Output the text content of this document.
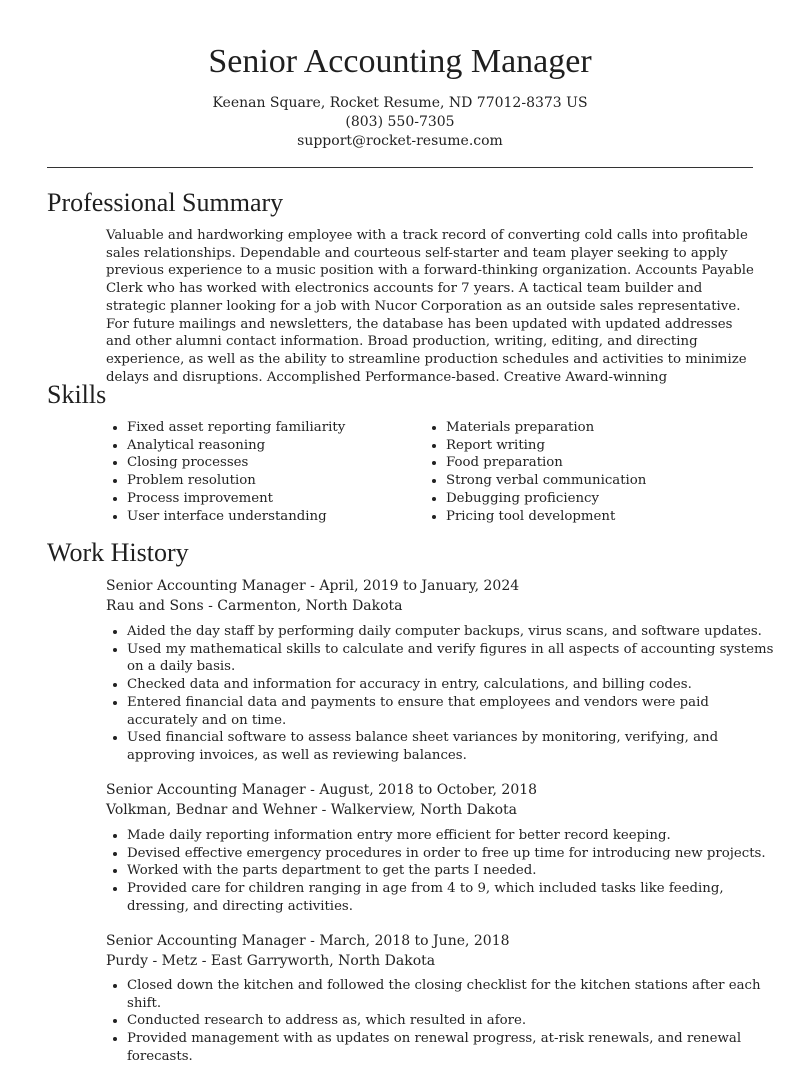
Senior Accounting Manager
Keenan Square, Rocket Resume, ND 77012-8373 US
(803) 550-7305
support@rocket-resume.com
Professional Summary
Valuable and hardworking employee with a track record of converting cold calls into profitable sales relationships. Dependable and courteous self-starter and team player seeking to apply previous experience to a music position with a forward-thinking organization. Accounts Payable Clerk who has worked with electronics accounts for 7 years. A tactical team builder and strategic planner looking for a job with Nucor Corporation as an outside sales representative. For future mailings and newsletters, the database has been updated with updated addresses and other alumni contact information. Broad production, writing, editing, and directing experience, as well as the ability to streamline production schedules and activities to minimize delays and disruptions. Accomplished Performance-based. Creative Award-winning
Skills
• Fixed asset reporting familiarity
• Analytical reasoning
• Closing processes
• Problem resolution
• Process improvement
• User interface understanding
• Materials preparation
• Report writing
• Food preparation
• Strong verbal communication
• Debugging proficiency
• Pricing tool development
Work History
Senior Accounting Manager - April, 2019 to January, 2024
Rau and Sons - Carmenton, North Dakota
• Aided the day staff by performing daily computer backups, virus scans, and software updates.
• Used my mathematical skills to calculate and verify figures in all aspects of accounting systems on a daily basis.
• Checked data and information for accuracy in entry, calculations, and billing codes.
• Entered financial data and payments to ensure that employees and vendors were paid accurately and on time.
• Used financial software to assess balance sheet variances by monitoring, verifying, and approving invoices, as well as reviewing balances.
Senior Accounting Manager - August, 2018 to October, 2018
Volkman, Bednar and Wehner - Walkerview, North Dakota
• Made daily reporting information entry more efficient for better record keeping.
• Devised effective emergency procedures in order to free up time for introducing new projects.
• Worked with the parts department to get the parts I needed.
• Provided care for children ranging in age from 4 to 9, which included tasks like feeding, dressing, and directing activities.
Senior Accounting Manager - March, 2018 to June, 2018
Purdy - Metz - East Garryworth, North Dakota
• Closed down the kitchen and followed the closing checklist for the kitchen stations after each shift.
• Conducted research to address as, which resulted in afore.
• Provided management with as updates on renewal progress, at-risk renewals, and renewal forecasts.
